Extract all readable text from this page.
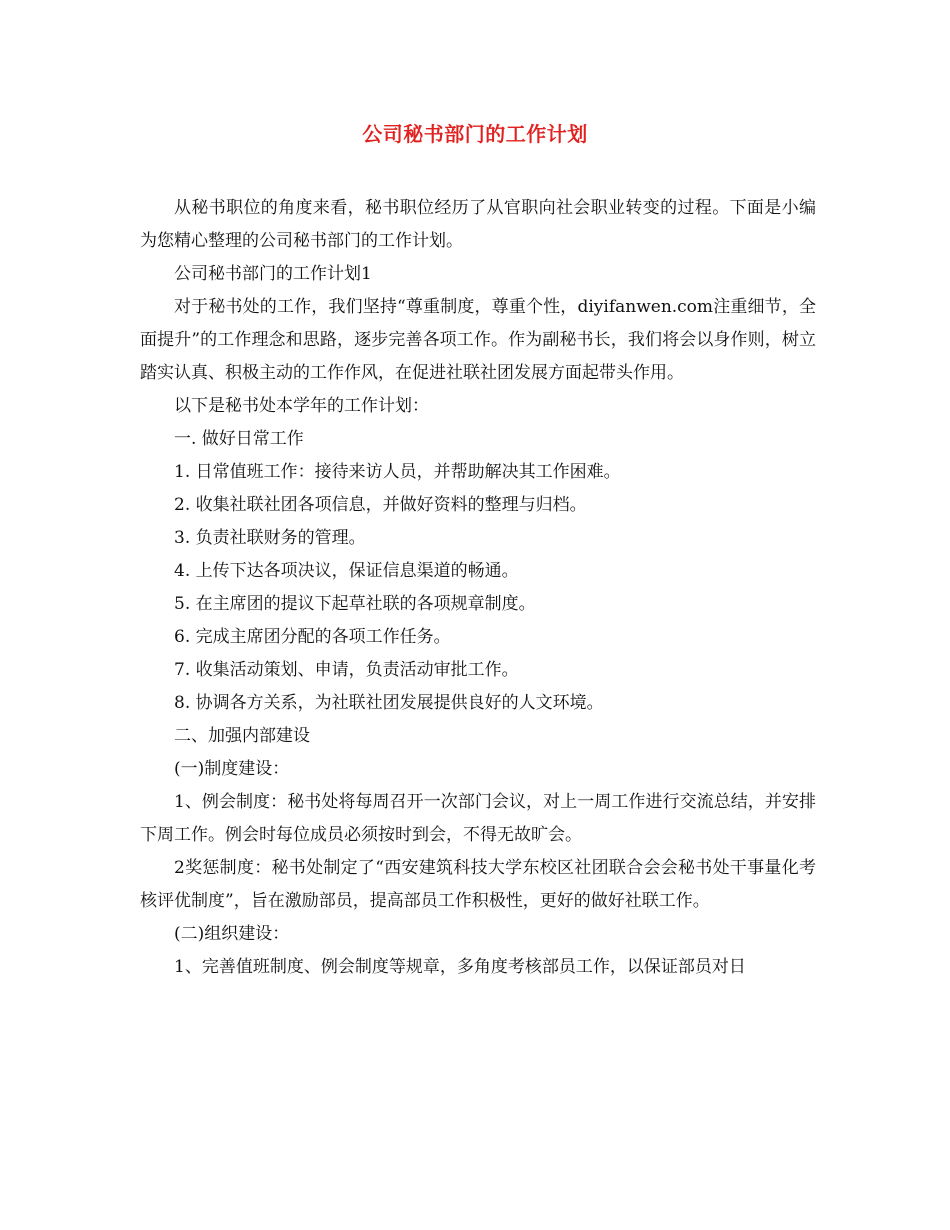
公司秘书部门的工作计划

从秘书职位的角度来看，秘书职位经历了从官职向社会职业转变的过程。下面是小编为您精心整理的公司秘书部门的工作计划。

公司秘书部门的工作计划1

对于秘书处的工作，我们坚持“尊重制度，尊重个性，diyifanwen.com注重细节，全面提升”的工作理念和思路，逐步完善各项工作。作为副秘书长，我们将会以身作则，树立踏实认真、积极主动的工作作风，在促进社联社团发展方面起带头作用。

以下是秘书处本学年的工作计划：

一. 做好日常工作

1. 日常值班工作：接待来访人员，并帮助解决其工作困难。

2. 收集社联社团各项信息，并做好资料的整理与归档。

3. 负责社联财务的管理。

4. 上传下达各项决议，保证信息渠道的畅通。

5. 在主席团的提议下起草社联的各项规章制度。

6. 完成主席团分配的各项工作任务。

7. 收集活动策划、申请，负责活动审批工作。

8. 协调各方关系，为社联社团发展提供良好的人文环境。

二、加强内部建设

(一)制度建设：

1、例会制度：秘书处将每周召开一次部门会议，对上一周工作进行交流总结，并安排下周工作。例会时每位成员必须按时到会，不得无故旷会。

2奖惩制度：秘书处制定了“西安建筑科技大学东校区社团联合会会秘书处干事量化考核评优制度”，旨在激励部员，提高部员工作积极性，更好的做好社联工作。

(二)组织建设：

1、完善值班制度、例会制度等规章，多角度考核部员工作，以保证部员对日
